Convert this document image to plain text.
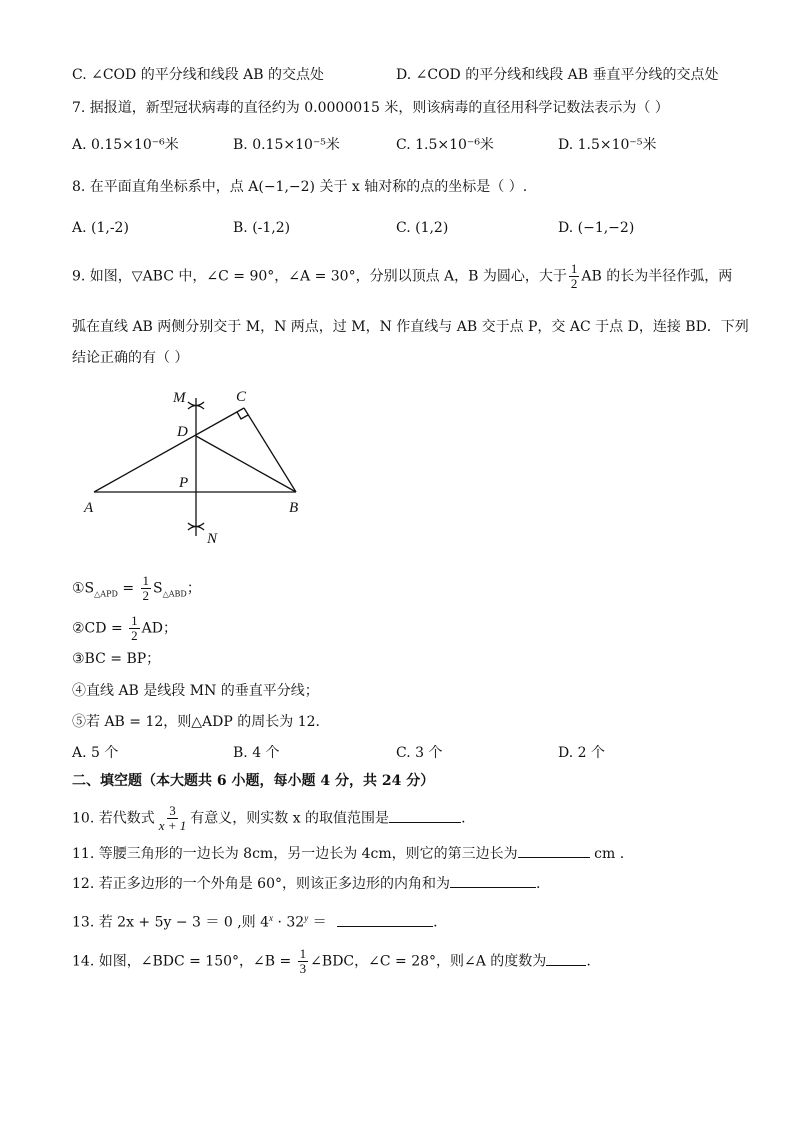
C. ∠COD 的平分线和线段 AB 的交点处	D. ∠COD 的平分线和线段 AB 垂直平分线的交点处
7. 据报道，新型冠状病毒的直径约为 0.0000015 米，则该病毒的直径用科学记数法表示为（ ）
A. 0.15×10⁻⁶米	B. 0.15×10⁻⁵米	C. 1.5×10⁻⁶米	D. 1.5×10⁻⁵米
8. 在平面直角坐标系中，点 A(−1,−2) 关于 x 轴对称的点的坐标是（ ）.
A. (1,-2)	B. (-1,2)	C. (1,2)	D. (−1,−2)
9. 如图，▽ABC 中，∠C = 90°，∠A = 30°，分别以顶点 A，B 为圆心，大于 $\frac{1}{2}$ AB 的长为半径作弧，两
弧在直线 AB 两侧分别交于 M，N 两点，过 M，N 作直线与 AB 交于点 P，交 AC 于点 D，连接 BD．下列
结论正确的有（ ）
M	C
D
P
A	B
N
$①S_{\triangle APD} = \frac{1}{2} S_{\triangle ABD}$；
②CD = $\frac{1}{2}$ AD；
③BC = BP；
④直线 AB 是线段 MN 的垂直平分线；
⑤若 AB = 12，则△ADP 的周长为 12．
A. 5 个	B. 4 个	C. 3 个	D. 2 个
二、填空题（本大题共 6 小题，每小题 4 分，共 24 分）
10. 若代数式 $\frac{3}{x + 1}$ 有意义，则实数 x 的取值范围是	.
11. 等腰三角形的一边长为 8cm，另一边长为 4cm，则它的第三边长为	cm .
12. 若正多边形的一个外角是 60°，则该正多边形的内角和为	.
13. 若 2x + 5y − 3 ＝ 0 ,则 $4^x \cdot 32^y$ ＝	.
14. 如图，∠BDC = 150°，∠B = $\frac{1}{3}$ ∠BDC，∠C = 28°，则∠A 的度数为	.
